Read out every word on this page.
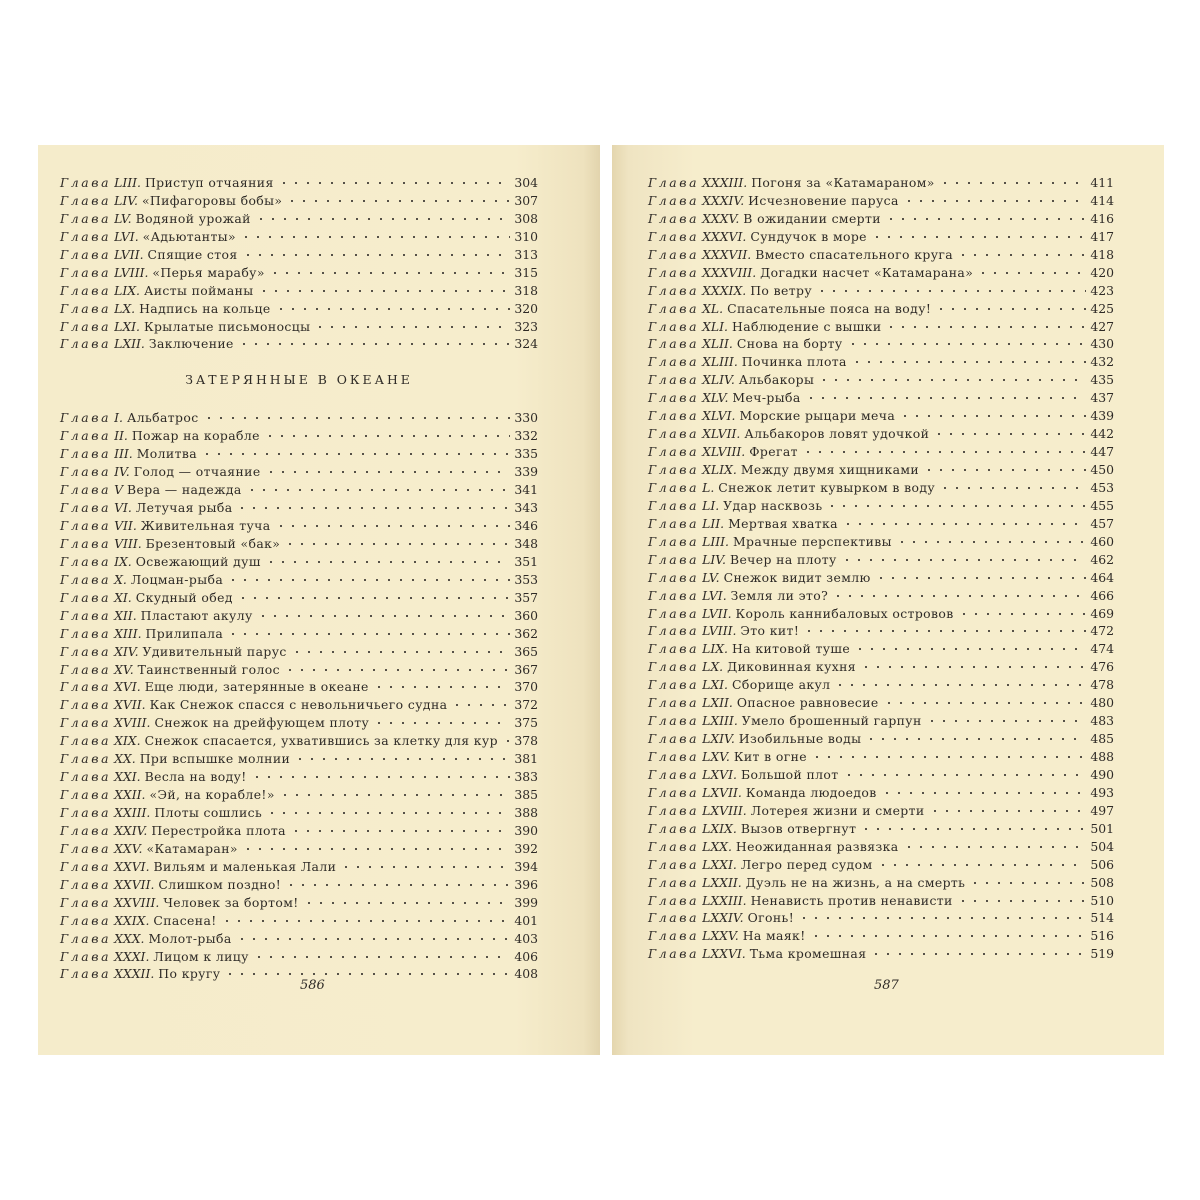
Глава LIII. Приступ отчаяния	304
Глава LIV. «Пифагоровы бобы»	307
Глава LV. Водяной урожай	308
Глава LVI. «Адьютанты»	310
Глава LVII. Спящие стоя	313
Глава LVIII. «Перья марабу»	315
Глава LIX. Аисты пойманы	318
Глава LX. Надпись на кольце	320
Глава LXI. Крылатые письмоносцы	323
Глава LXII. Заключение	324
ЗАТЕРЯННЫЕ В ОКЕАНЕ
Глава I. Альбатрос	330
Глава II. Пожар на корабле	332
Глава III. Молитва	335
Глава IV. Голод — отчаяние	339
Глава V Вера — надежда	341
Глава VI. Летучая рыба	343
Глава VII. Живительная туча	346
Глава VIII. Брезентовый «бак»	348
Глава IX. Освежающий душ	351
Глава X. Лоцман-рыба	353
Глава XI. Скудный обед	357
Глава XII. Пластают акулу	360
Глава XIII. Прилипала	362
Глава XIV. Удивительный парус	365
Глава XV. Таинственный голос	367
Глава XVI. Еще люди, затерянные в океане	370
Глава XVII. Как Снежок спасся с невольничьего судна	372
Глава XVIII. Снежок на дрейфующем плоту	375
Глава XIX. Снежок спасается, ухватившись за клетку для кур 378
Глава XX. При вспышке молнии	381
Глава XXI. Весла на воду!	383
Глава XXII. «Эй, на корабле!»	385
Глава XXIII. Плоты сошлись	388
Глава XXIV. Перестройка плота	390
Глава XXV. «Катамаран»	392
Глава XXVI. Вильям и маленькая Лали	394
Глава XXVII. Слишком поздно!	396
Глава XXVIII. Человек за бортом!	399
Глава XXIX. Спасена!	401
Глава XXX. Молот-рыба	403
Глава XXXI. Лицом к лицу	406
Глава XXXII. По кругу	408
586
Глава XXXIII. Погоня за «Катамараном»	411
Глава XXXIV. Исчезновение паруса	414
Глава XXXV. В ожидании смерти	416
Глава XXXVI. Сундучок в море	417
Глава XXXVII. Вместо спасательного круга	418
Глава XXXVIII. Догадки насчет «Катамарана»	420
Глава XXXIX. По ветру	423
Глава XL. Спасательные пояса на воду!	425
Глава XLI. Наблюдение с вышки	427
Глава XLII. Снова на борту	430
Глава XLIII. Починка плота	432
Глава XLIV. Альбакоры	435
Глава XLV. Меч-рыба	437
Глава XLVI. Морские рыцари меча	439
Глава XLVII. Альбакоров ловят удочкой	442
Глава XLVIII. Фрегат	447
Глава XLIX. Между двумя хищниками	450
Глава L. Снежок летит кувырком в воду	453
Глава LI. Удар насквозь	455
Глава LII. Мертвая хватка	457
Глава LIII. Мрачные перспективы	460
Глава LIV. Вечер на плоту	462
Глава LV. Снежок видит землю	464
Глава LVI. Земля ли это?	466
Глава LVII. Король каннибаловых островов	469
Глава LVIII. Это кит!	472
Глава LIX. На китовой туше	474
Глава LX. Диковинная кухня	476
Глава LXI. Сборище акул	478
Глава LXII. Опасное равновесие	480
Глава LXIII. Умело брошенный гарпун	483
Глава LXIV. Изобильные воды	485
Глава LXV. Кит в огне	488
Глава LXVI. Большой плот	490
Глава LXVII. Команда людоедов	493
Глава LXVIII. Лотерея жизни и смерти	497
Глава LXIX. Вызов отвергнут	501
Глава LXX. Неожиданная развязка	504
Глава LXXI. Легро перед судом	506
Глава LXXII. Дуэль не на жизнь, а на смерть	508
Глава LXXIII. Ненависть против ненависти	510
Глава LXXIV. Огонь!	514
Глава LXXV. На маяк!	516
Глава LXXVI. Тьма кромешная	519
587
